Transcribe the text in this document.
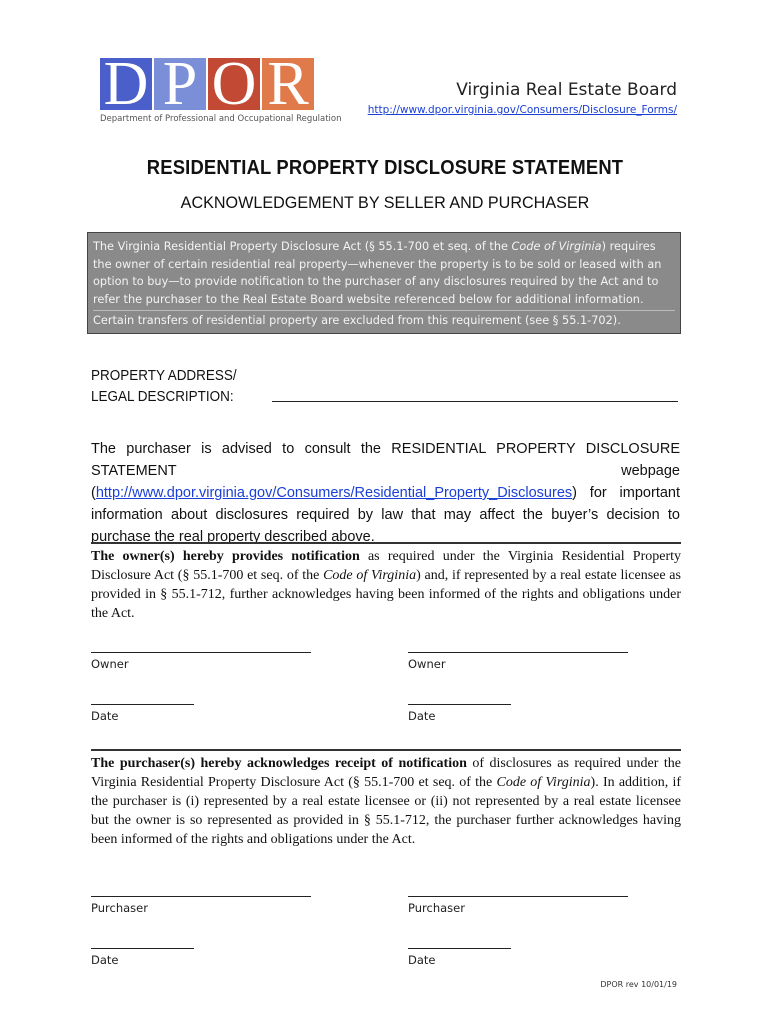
D P O R
Department of Professional and Occupational Regulation
Virginia Real Estate Board
http://www.dpor.virginia.gov/Consumers/Disclosure_Forms/
RESIDENTIAL PROPERTY DISCLOSURE STATEMENT
ACKNOWLEDGEMENT BY SELLER AND PURCHASER
The Virginia Residential Property Disclosure Act (§ 55.1-700 et seq. of the Code of Virginia) requires the owner of certain residential real property—whenever the property is to be sold or leased with an option to buy—to provide notification to the purchaser of any disclosures required by the Act and to refer the purchaser to the Real Estate Board website referenced below for additional information.
Certain transfers of residential property are excluded from this requirement (see § 55.1-702).
PROPERTY ADDRESS/
LEGAL DESCRIPTION:
The purchaser is advised to consult the RESIDENTIAL PROPERTY DISCLOSURE STATEMENT webpage (http://www.dpor.virginia.gov/Consumers/Residential_Property_Disclosures) for important information about disclosures required by law that may affect the buyer’s decision to purchase the real property described above.
The owner(s) hereby provides notification as required under the Virginia Residential Property Disclosure Act (§ 55.1-700 et seq. of the Code of Virginia) and, if represented by a real estate licensee as provided in § 55.1-712, further acknowledges having been informed of the rights and obligations under the Act.
Owner	Owner
Date	Date
The purchaser(s) hereby acknowledges receipt of notification of disclosures as required under the Virginia Residential Property Disclosure Act (§ 55.1-700 et seq. of the Code of Virginia). In addition, if the purchaser is (i) represented by a real estate licensee or (ii) not represented by a real estate licensee but the owner is so represented as provided in § 55.1-712, the purchaser further acknowledges having been informed of the rights and obligations under the Act.
Purchaser	Purchaser
Date	Date
DPOR rev 10/01/19
